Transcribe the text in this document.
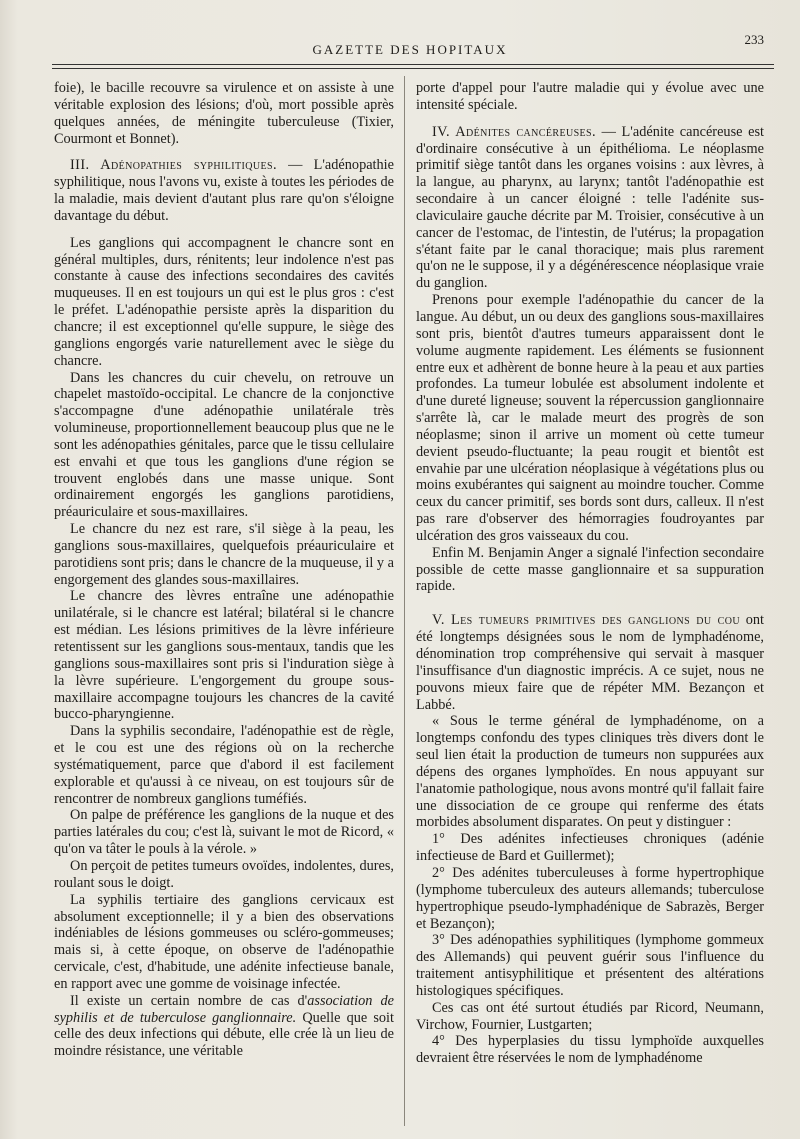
GAZETTE DES HOPITAUX
233

foie), le bacille recouvre sa virulence et on assiste à une véritable explosion des lésions; d'où, mort possible après quelques années, de méningite tuberculeuse (Tixier, Courmont et Bonnet).

III. Adénopathies syphilitiques. — L'adénopathie syphilitique, nous l'avons vu, existe à toutes les périodes de la maladie, mais devient d'autant plus rare qu'on s'éloigne davantage du début.

Les ganglions qui accompagnent le chancre sont en général multiples, durs, rénitents; leur indolence n'est pas constante à cause des infections secondaires des cavités muqueuses. Il en est toujours un qui est le plus gros : c'est le préfet. L'adénopathie persiste après la disparition du chancre; il est exceptionnel qu'elle suppure, le siège des ganglions engorgés varie naturellement avec le siège du chancre.

Dans les chancres du cuir chevelu, on retrouve un chapelet mastoïdo-occipital. Le chancre de la conjonctive s'accompagne d'une adénopathie unilatérale très volumineuse, proportionnellement beaucoup plus que ne le sont les adénopathies génitales, parce que le tissu cellulaire est envahi et que tous les ganglions d'une région se trouvent englobés dans une masse unique. Sont ordinairement engorgés les ganglions parotidiens, préauriculaire et sous-maxillaires.

Le chancre du nez est rare, s'il siège à la peau, les ganglions sous-maxillaires, quelquefois préauriculaire et parotidiens sont pris; dans le chancre de la muqueuse, il y a engorgement des glandes sous-maxillaires.

Le chancre des lèvres entraîne une adénopathie unilatérale, si le chancre est latéral; bilatéral si le chancre est médian. Les lésions primitives de la lèvre inférieure retentissent sur les ganglions sous-mentaux, tandis que les ganglions sous-maxillaires sont pris si l'induration siège à la lèvre supérieure. L'engorgement du groupe sous-maxillaire accompagne toujours les chancres de la cavité bucco-pharyngienne.

Dans la syphilis secondaire, l'adénopathie est de règle, et le cou est une des régions où on la recherche systématiquement, parce que d'abord il est facilement explorable et qu'aussi à ce niveau, on est toujours sûr de rencontrer de nombreux ganglions tuméfiés.

On palpe de préférence les ganglions de la nuque et des parties latérales du cou; c'est là, suivant le mot de Ricord, « qu'on va tâter le pouls à la vérole. »

On perçoit de petites tumeurs ovoïdes, indolentes, dures, roulant sous le doigt.

La syphilis tertiaire des ganglions cervicaux est absolument exceptionnelle; il y a bien des observations indéniables de lésions gommeuses ou scléro-gommeuses; mais si, à cette époque, on observe de l'adénopathie cervicale, c'est, d'habitude, une adénite infectieuse banale, en rapport avec une gomme de voisinage infectée.

Il existe un certain nombre de cas d'association de syphilis et de tuberculose ganglionnaire. Quelle que soit celle des deux infections qui débute, elle crée là un lieu de moindre résistance, une véritable

porte d'appel pour l'autre maladie qui y évolue avec une intensité spéciale.

IV. Adénites cancéreuses. — L'adénite cancéreuse est d'ordinaire consécutive à un épithélioma. Le néoplasme primitif siège tantôt dans les organes voisins : aux lèvres, à la langue, au pharynx, au larynx; tantôt l'adénopathie est secondaire à un cancer éloigné : telle l'adénite sus-claviculaire gauche décrite par M. Troisier, consécutive à un cancer de l'estomac, de l'intestin, de l'utérus; la propagation s'étant faite par le canal thoracique; mais plus rarement qu'on ne le suppose, il y a dégénérescence néoplasique vraie du ganglion.

Prenons pour exemple l'adénopathie du cancer de la langue. Au début, un ou deux des ganglions sous-maxillaires sont pris, bientôt d'autres tumeurs apparaissent dont le volume augmente rapidement. Les éléments se fusionnent entre eux et adhèrent de bonne heure à la peau et aux parties profondes. La tumeur lobulée est absolument indolente et d'une dureté ligneuse; souvent la répercussion ganglionnaire s'arrête là, car le malade meurt des progrès de son néoplasme; sinon il arrive un moment où cette tumeur devient pseudo-fluctuante; la peau rougit et bientôt est envahie par une ulcération néoplasique à végétations plus ou moins exubérantes qui saignent au moindre toucher. Comme ceux du cancer primitif, ses bords sont durs, calleux. Il n'est pas rare d'observer des hémorragies foudroyantes par ulcération des gros vaisseaux du cou.

Enfin M. Benjamin Anger a signalé l'infection secondaire possible de cette masse ganglionnaire et sa suppuration rapide.

V. Les tumeurs primitives des ganglions du cou ont été longtemps désignées sous le nom de lymphadénome, dénomination trop compréhensive qui servait à masquer l'insuffisance d'un diagnostic imprécis. A ce sujet, nous ne pouvons mieux faire que de répéter MM. Bezançon et Labbé.

« Sous le terme général de lymphadénome, on a longtemps confondu des types cliniques très divers dont le seul lien était la production de tumeurs non suppurées aux dépens des organes lymphoïdes. En nous appuyant sur l'anatomie pathologique, nous avons montré qu'il fallait faire une dissociation de ce groupe qui renferme des états morbides absolument disparates. On peut y distinguer :

1° Des adénites infectieuses chroniques (adénie infectieuse de Bard et Guillermet);

2° Des adénites tuberculeuses à forme hypertrophique (lymphome tuberculeux des auteurs allemands; tuberculose hypertrophique pseudo-lymphadénique de Sabrazès, Berger et Bezançon);

3° Des adénopathies syphilitiques (lymphome gommeux des Allemands) qui peuvent guérir sous l'influence du traitement antisyphilitique et présentent des altérations histologiques spécifiques.

Ces cas ont été surtout étudiés par Ricord, Neumann, Virchow, Fournier, Lustgarten;

4° Des hyperplasies du tissu lymphoïde auxquelles devraient être réservées le nom de lymphadénome
